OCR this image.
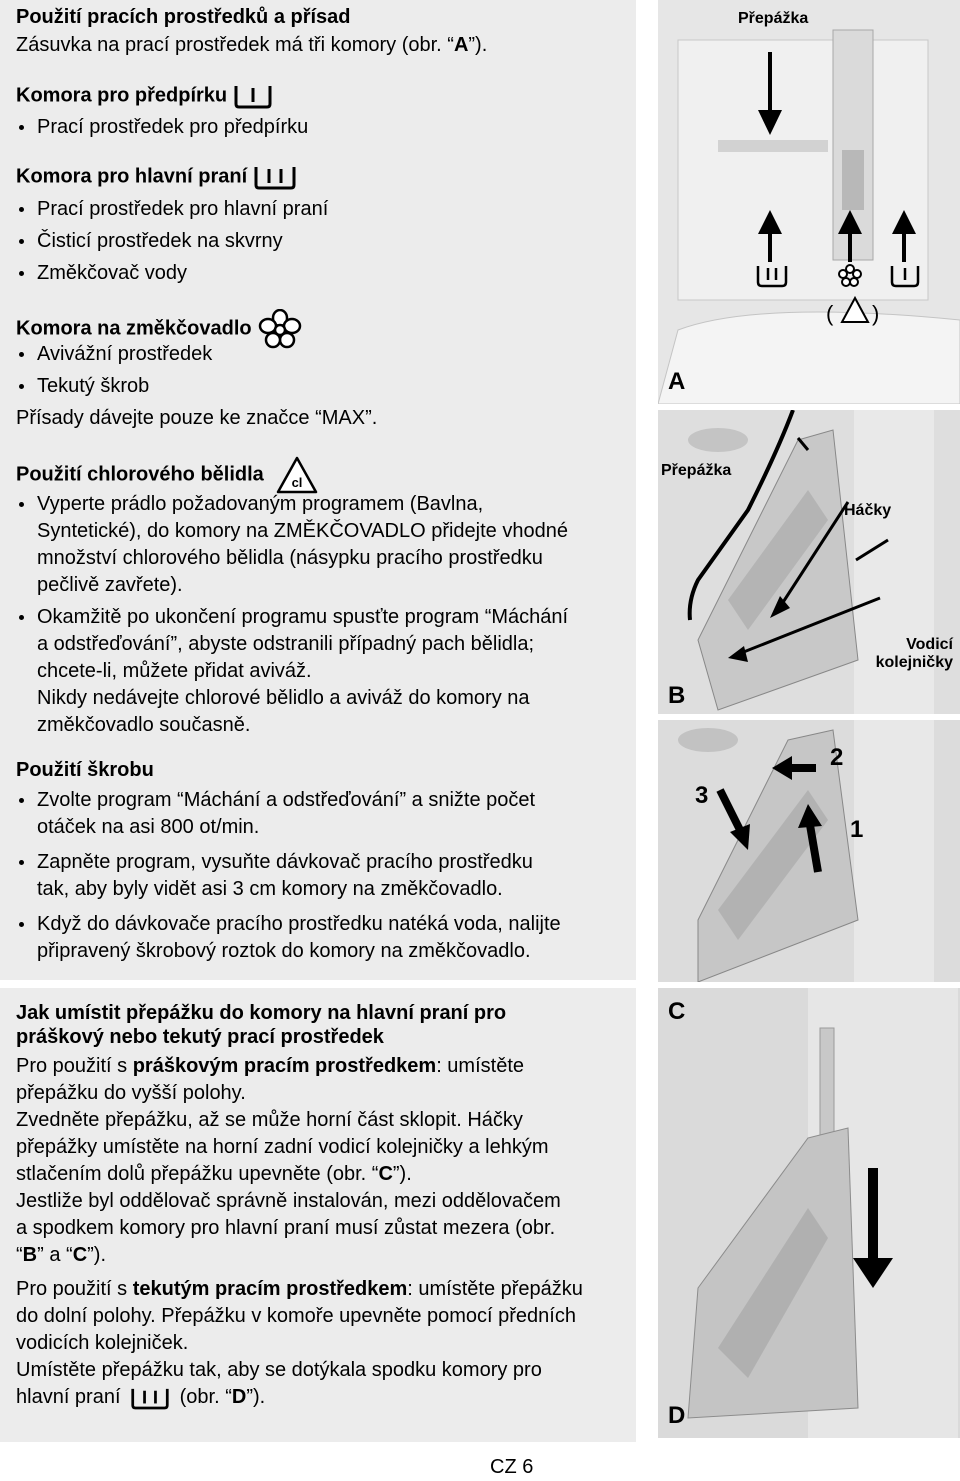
Použití pracích prostředků a přísad
Zásuvka na prací prostředek má tři komory (obr. “A”).
Komora pro předpírku
Prací prostředek pro předpírku
Komora pro hlavní praní
Prací prostředek pro hlavní praní
Čisticí prostředek na skvrny
Změkčovač vody
Komora na změkčovadlo
Avivážní prostředek
Tekutý škrob
Přísady dávejte pouze ke značce “MAX”.
Použití chlorového bělidla cl
Vyperte prádlo požadovaným programem (Bavlna,
Syntetické), do komory na ZMĚKČOVADLO přidejte vhodné
množství chlorového bělidla (násypku pracího prostředku
pečlivě zavřete).
Okamžitě po ukončení programu spusťte program “Máchání
a odstřeďování”, abyste odstranili případný pach bělidla;
chcete-li, můžete přidat aviváž.
Nikdy nedávejte chlorové bělidlo a aviváž do komory na
změkčovadlo současně.
Použití škrobu
Zvolte program “Máchání a odstřeďování” a snižte počet
otáček na asi 800 ot/min.
Zapněte program, vysuňte dávkovač pracího prostředku
tak, aby byly vidět asi 3 cm komory na změkčovadlo.
Když do dávkovače pracího prostředku natéká voda, nalijte
připravený škrobový roztok do komory na změkčovadlo.
Jak umístit přepážku do komory na hlavní praní pro
práškový nebo tekutý prací prostředek
Pro použití s práškovým pracím prostředkem: umístěte
přepážku do vyšší polohy.
Zvedněte přepážku, až se může horní část sklopit. Háčky
přepážky umístěte na horní zadní vodicí kolejničky a lehkým
stlačením dolů přepážku upevněte (obr. “C”).
Jestliže byl oddělovač správně instalován, mezi oddělovačem
a spodkem komory pro hlavní praní musí zůstat mezera (obr.
“B” a “C”).
Pro použití s tekutým pracím prostředkem: umístěte přepážku
do dolní polohy. Přepážku v komoře upevněte pomocí předních
vodicích kolejniček.
Umístěte přepážku tak, aby se dotýkala spodku komory pro
hlavní praní	(obr. “D”).
Přepážka
( )
A
Přepážka
Háčky
Vodicí
kolejničky
B
2
3
1
C
D
CZ 6
